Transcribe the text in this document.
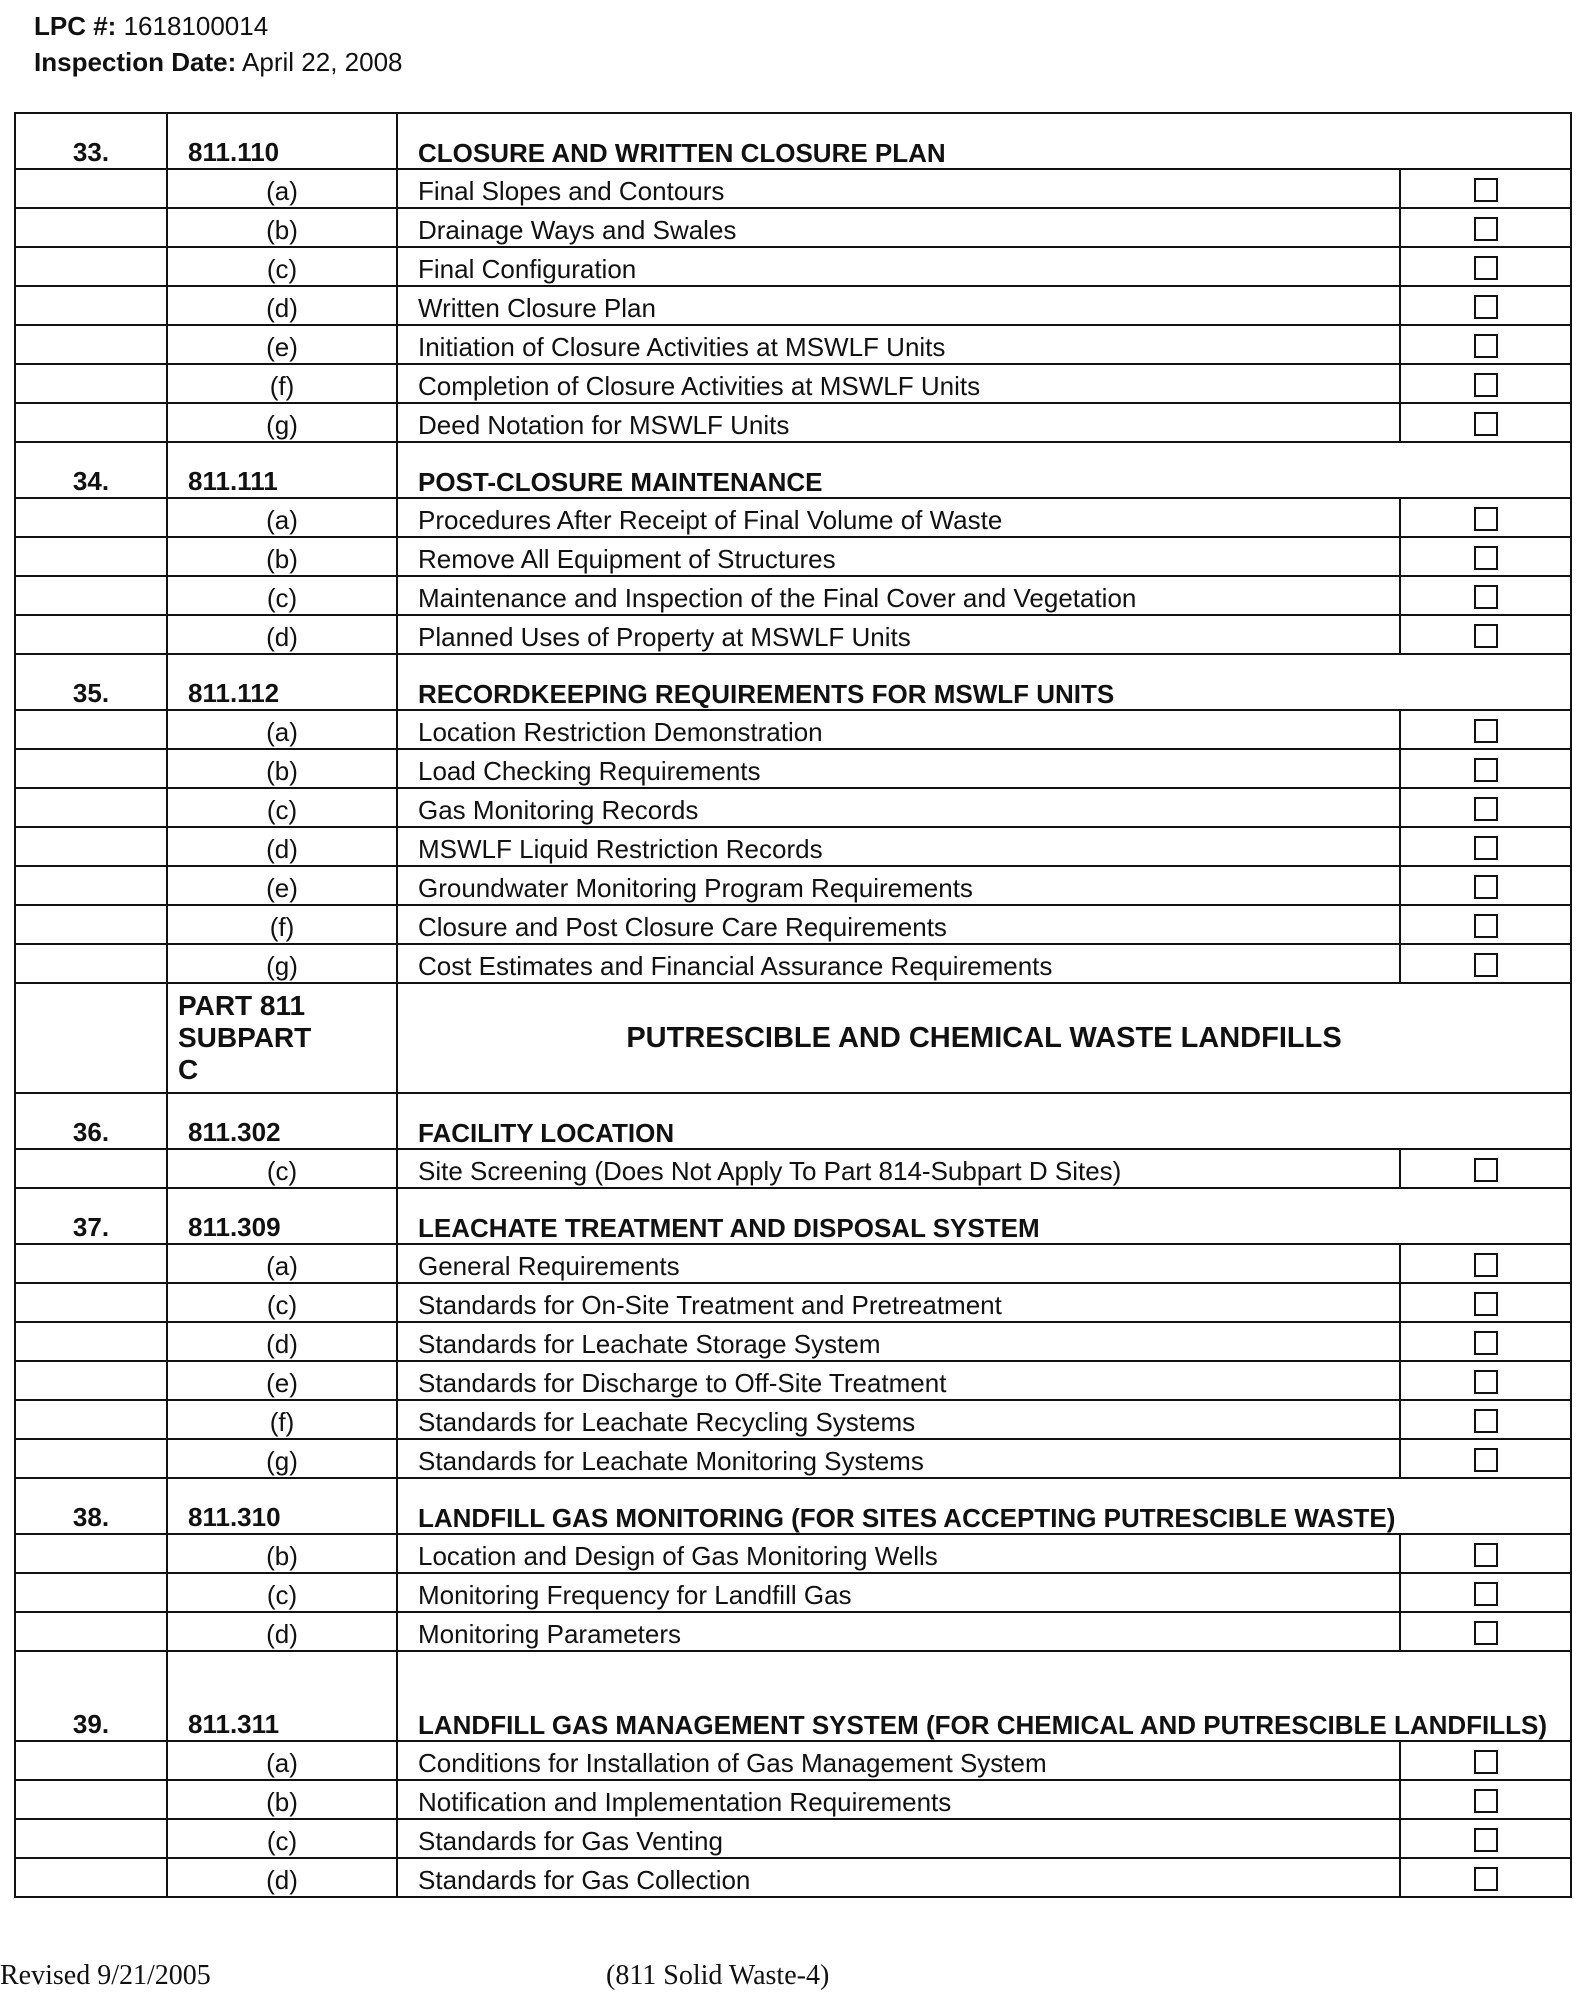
LPC #: 1618100014
Inspection Date: April 22, 2008
33.	811.110	CLOSURE AND WRITTEN CLOSURE PLAN	
	(a)	Final Slopes and Contours	
	(b)	Drainage Ways and Swales	
	(c)	Final Configuration	
	(d)	Written Closure Plan	
	(e)	Initiation of Closure Activities at MSWLF Units	
	(f)	Completion of Closure Activities at MSWLF Units	
	(g)	Deed Notation for MSWLF Units	
34.	811.111	POST-CLOSURE MAINTENANCE	
	(a)	Procedures After Receipt of Final Volume of Waste	
	(b)	Remove All Equipment of Structures	
	(c)	Maintenance and Inspection of the Final Cover and Vegetation	
	(d)	Planned Uses of Property at MSWLF Units	
35.	811.112	RECORDKEEPING REQUIREMENTS FOR MSWLF UNITS	
	(a)	Location Restriction Demonstration	
	(b)	Load Checking Requirements	
	(c)	Gas Monitoring Records	
	(d)	MSWLF Liquid Restriction Records	
	(e)	Groundwater Monitoring Program Requirements	
	(f)	Closure and Post Closure Care Requirements	
	(g)	Cost Estimates and Financial Assurance Requirements	

	PART 811
SUBPART
C	PUTRESCIBLE AND CHEMICAL WASTE LANDFILLS	
36.	811.302	FACILITY LOCATION	
	(c)	Site Screening (Does Not Apply To Part 814-Subpart D Sites)	
37.	811.309	LEACHATE TREATMENT AND DISPOSAL SYSTEM	
	(a)	General Requirements	
	(c)	Standards for On-Site Treatment and Pretreatment	
	(d)	Standards for Leachate Storage System	
	(e)	Standards for Discharge to Off-Site Treatment	
	(f)	Standards for Leachate Recycling Systems	
	(g)	Standards for Leachate Monitoring Systems	
38.	811.310	LANDFILL GAS MONITORING (FOR SITES ACCEPTING PUTRESCIBLE WASTE)	
	(b)	Location and Design of Gas Monitoring Wells	
	(c)	Monitoring Frequency for Landfill Gas	
	(d)	Monitoring Parameters	
39.	811.311	LANDFILL GAS MANAGEMENT SYSTEM (FOR CHEMICAL AND PUTRESCIBLE LANDFILLS)	
	(a)	Conditions for Installation of Gas Management System	
	(b)	Notification and Implementation Requirements	
	(c)	Standards for Gas Venting	
	(d)	Standards for Gas Collection	
Revised 9/21/2005	(811 Solid Waste-4)
